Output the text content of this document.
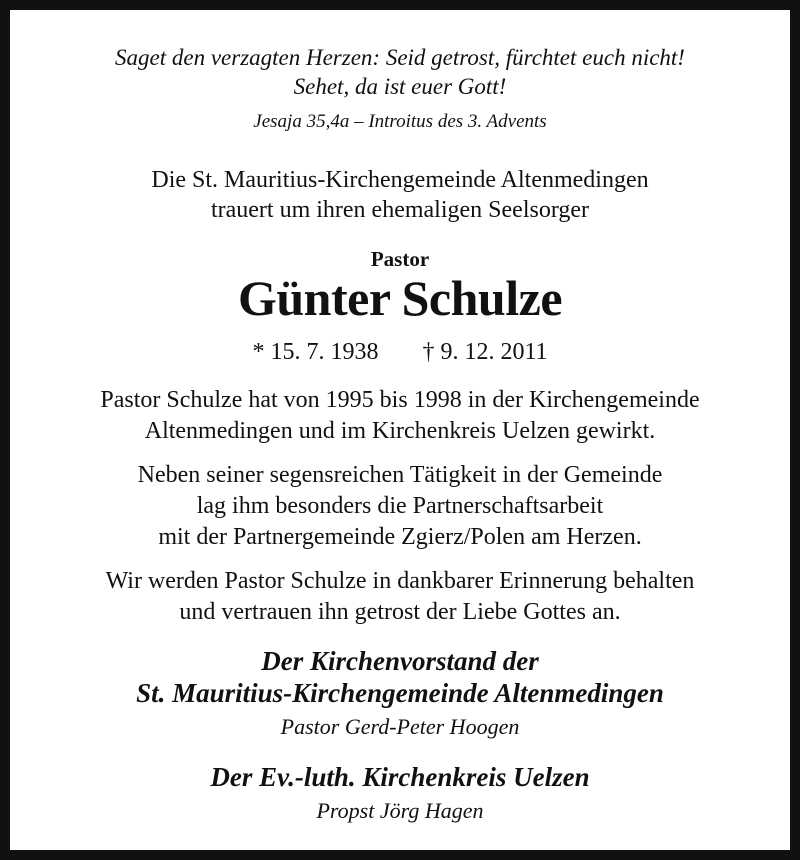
Saget den verzagten Herzen: Seid getrost, fürchtet euch nicht!
Sehet, da ist euer Gott!
Jesaja 35,4a – Introitus des 3. Advents
Die St. Mauritius-Kirchengemeinde Altenmedingen
trauert um ihren ehemaligen Seelsorger
Pastor
Günter Schulze
* 15. 7. 1938 † 9. 12. 2011
Pastor Schulze hat von 1995 bis 1998 in der Kirchengemeinde
Altenmedingen und im Kirchenkreis Uelzen gewirkt.
Neben seiner segensreichen Tätigkeit in der Gemeinde
lag ihm besonders die Partnerschaftsarbeit
mit der Partnergemeinde Zgierz/Polen am Herzen.
Wir werden Pastor Schulze in dankbarer Erinnerung behalten
und vertrauen ihn getrost der Liebe Gottes an.
Der Kirchenvorstand der
St. Mauritius-Kirchengemeinde Altenmedingen
Pastor Gerd-Peter Hoogen
Der Ev.-luth. Kirchenkreis Uelzen
Propst Jörg Hagen
